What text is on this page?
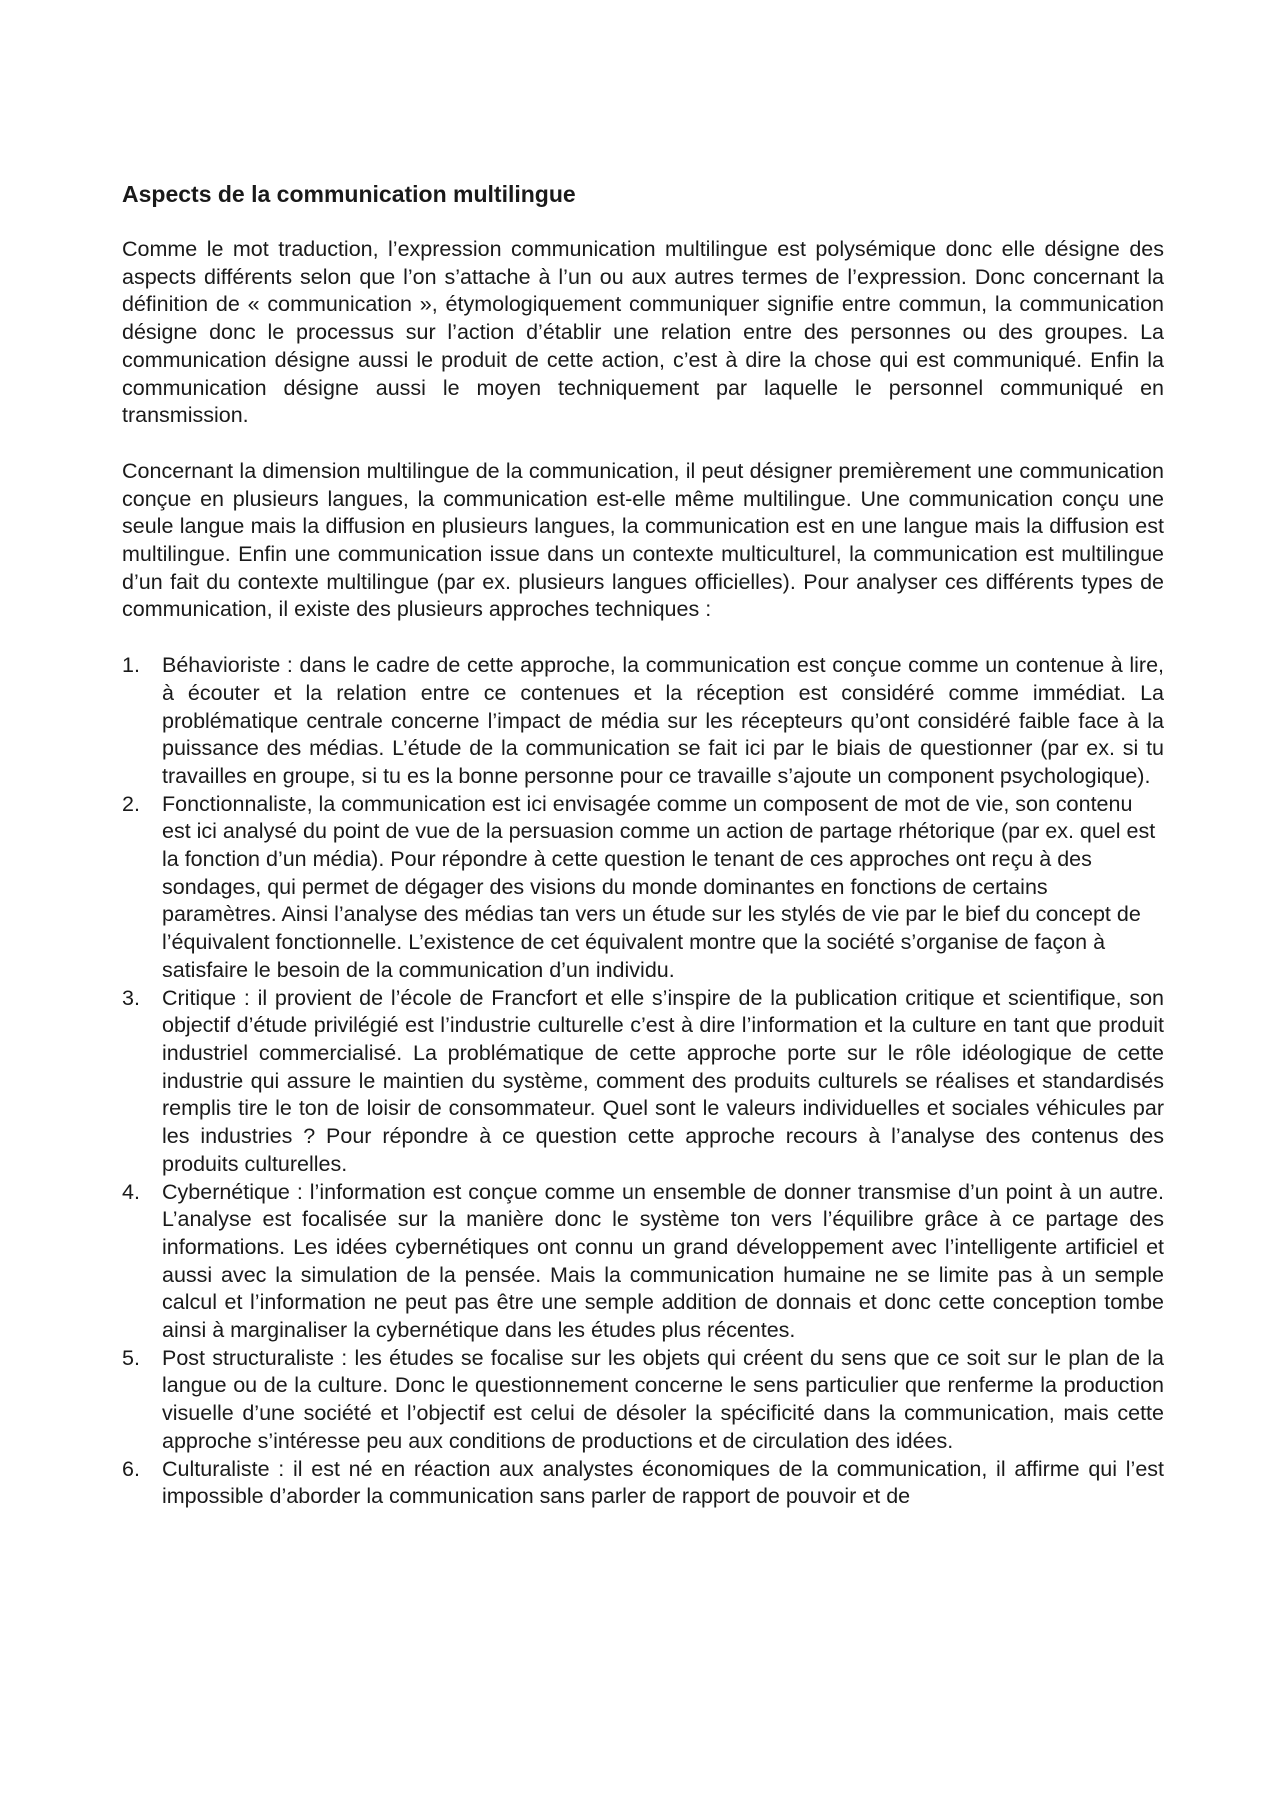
Aspects de la communication multilingue

Comme le mot traduction, l’expression communication multilingue est polysémique donc elle désigne des aspects différents selon que l’on s’attache à l’un ou aux autres termes de l’expression. Donc concernant la définition de « communication », étymologiquement communiquer signifie entre commun, la communication désigne donc le processus sur l’action d’établir une relation entre des personnes ou des groupes. La communication désigne aussi le produit de cette action, c’est à dire la chose qui est communiqué. Enfin la communication désigne aussi le moyen techniquement par laquelle le personnel communiqué en transmission.

Concernant la dimension multilingue de la communication, il peut désigner premièrement une communication conçue en plusieurs langues, la communication est-elle même multilingue. Une communication conçu une seule langue mais la diffusion en plusieurs langues, la communication est en une langue mais la diffusion est multilingue. Enfin une communication issue dans un contexte multiculturel, la communication est multilingue d’un fait du contexte multilingue (par ex. plusieurs langues officielles). Pour analyser ces différents types de communication, il existe des plusieurs approches techniques :

1. Béhavioriste : dans le cadre de cette approche, la communication est conçue comme un contenue à lire, à écouter et la relation entre ce contenues et la réception est considéré comme immédiat. La problématique centrale concerne l’impact de média sur les récepteurs qu’ont considéré faible face à la puissance des médias. L’étude de la communication se fait ici par le biais de questionner (par ex. si tu travailles en groupe, si tu es la bonne personne pour ce travaille s’ajoute un component psychologique).
2. Fonctionnaliste, la communication est ici envisagée comme un composent de mot de vie, son contenu est ici analysé du point de vue de la persuasion comme un action de partage rhétorique (par ex. quel est la fonction d’un média). Pour répondre à cette question le tenant de ces approches ont reçu à des sondages, qui permet de dégager des visions du monde dominantes en fonctions de certains paramètres. Ainsi l’analyse des médias tan vers un étude sur les stylés de vie par le bief du concept de l’équivalent fonctionnelle. L’existence de cet équivalent montre que la société s’organise de façon à satisfaire le besoin de la communication d’un individu.
3. Critique : il provient de l’école de Francfort et elle s’inspire de la publication critique et scientifique, son objectif d’étude privilégié est l’industrie culturelle c’est à dire l’information et la culture en tant que produit industriel commercialisé. La problématique de cette approche porte sur le rôle idéologique de cette industrie qui assure le maintien du système, comment des produits culturels se réalises et standardisés remplis tire le ton de loisir de consommateur. Quel sont le valeurs individuelles et sociales véhicules par les industries ? Pour répondre à ce question cette approche recours à l’analyse des contenus des produits culturelles.
4. Cybernétique : l’information est conçue comme un ensemble de donner transmise d’un point à un autre. L’analyse est focalisée sur la manière donc le système ton vers l’équilibre grâce à ce partage des informations. Les idées cybernétiques ont connu un grand développement avec l’intelligente artificiel et aussi avec la simulation de la pensée. Mais la communication humaine ne se limite pas à un semple calcul et l’information ne peut pas être une semple addition de donnais et donc cette conception tombe ainsi à marginaliser la cybernétique dans les études plus récentes.
5. Post structuraliste : les études se focalise sur les objets qui créent du sens que ce soit sur le plan de la langue ou de la culture. Donc le questionnement concerne le sens particulier que renferme la production visuelle d’une société et l’objectif est celui de désoler la spécificité dans la communication, mais cette approche s’intéresse peu aux conditions de productions et de circulation des idées.
6. Culturaliste : il est né en réaction aux analystes économiques de la communication, il affirme qui l’est impossible d’aborder la communication sans parler de rapport de pouvoir et de
